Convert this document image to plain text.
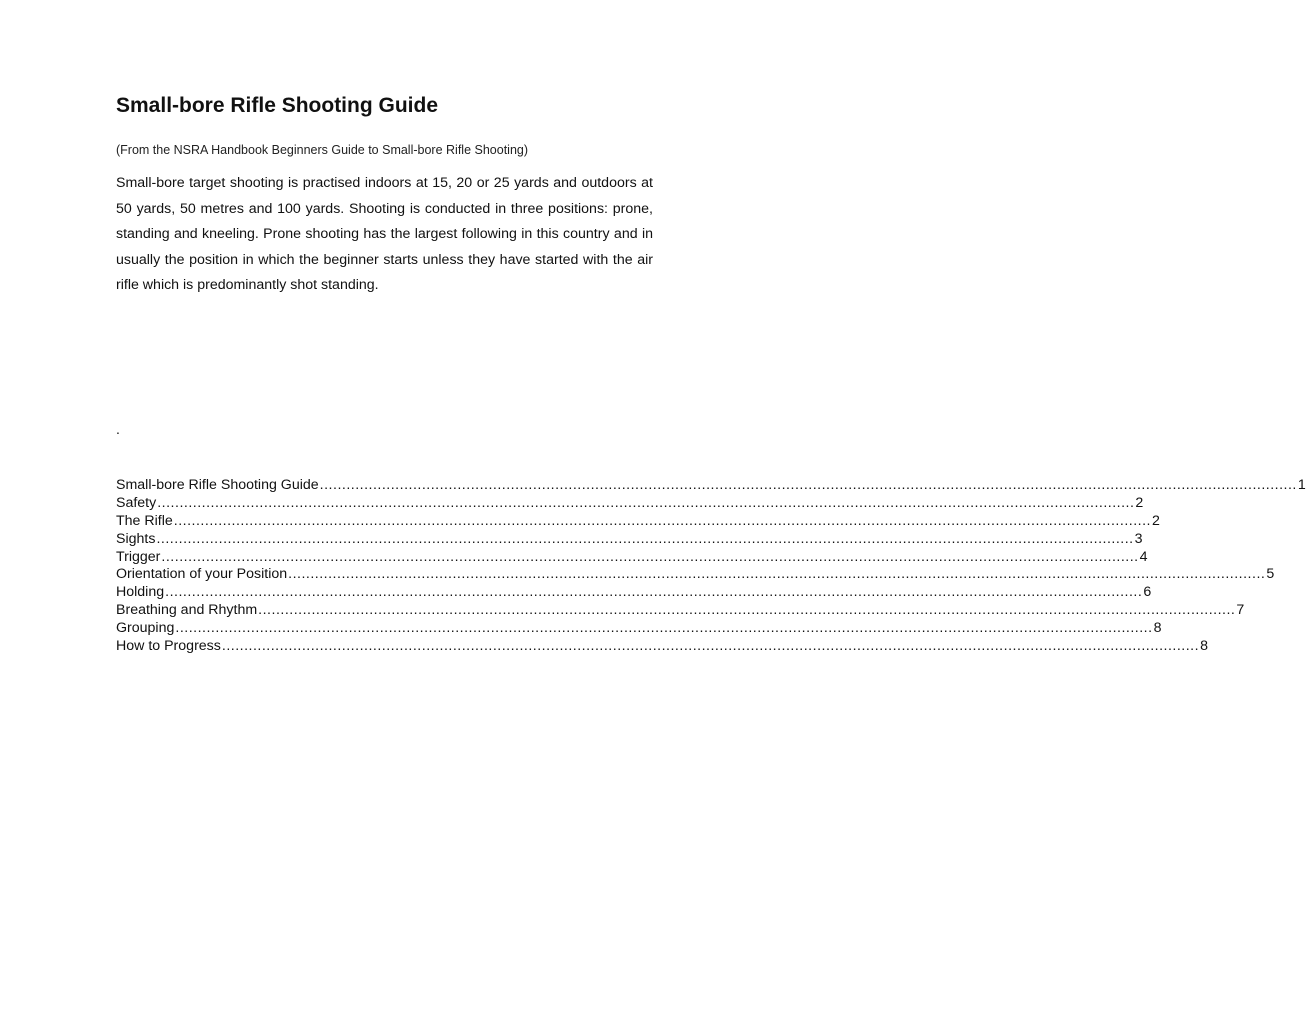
Small-bore Rifle Shooting Guide

(From the NSRA Handbook Beginners Guide to Small-bore Rifle Shooting)

Small-bore target shooting is practised indoors at 15, 20 or 25 yards and outdoors at 50 yards, 50 metres and 100 yards. Shooting is conducted in three positions: prone, standing and kneeling. Prone shooting has the largest following in this country and in usually the position in which the beginner starts unless they have started with the air rifle which is predominantly shot standing.

.
Small-bore Rifle Shooting Guide ............................................................................................................................................................................................................................ 1
Safety ............................................................................................................................................................................................................................ 2
The Rifle ............................................................................................................................................................................................................................ 2
Sights ............................................................................................................................................................................................................................ 3
Trigger ............................................................................................................................................................................................................................ 4
Orientation of your Position ............................................................................................................................................................................................................................ 5
Holding ............................................................................................................................................................................................................................ 6
Breathing and Rhythm ............................................................................................................................................................................................................................ 7
Grouping ............................................................................................................................................................................................................................ 8
How to Progress ............................................................................................................................................................................................................................ 8
